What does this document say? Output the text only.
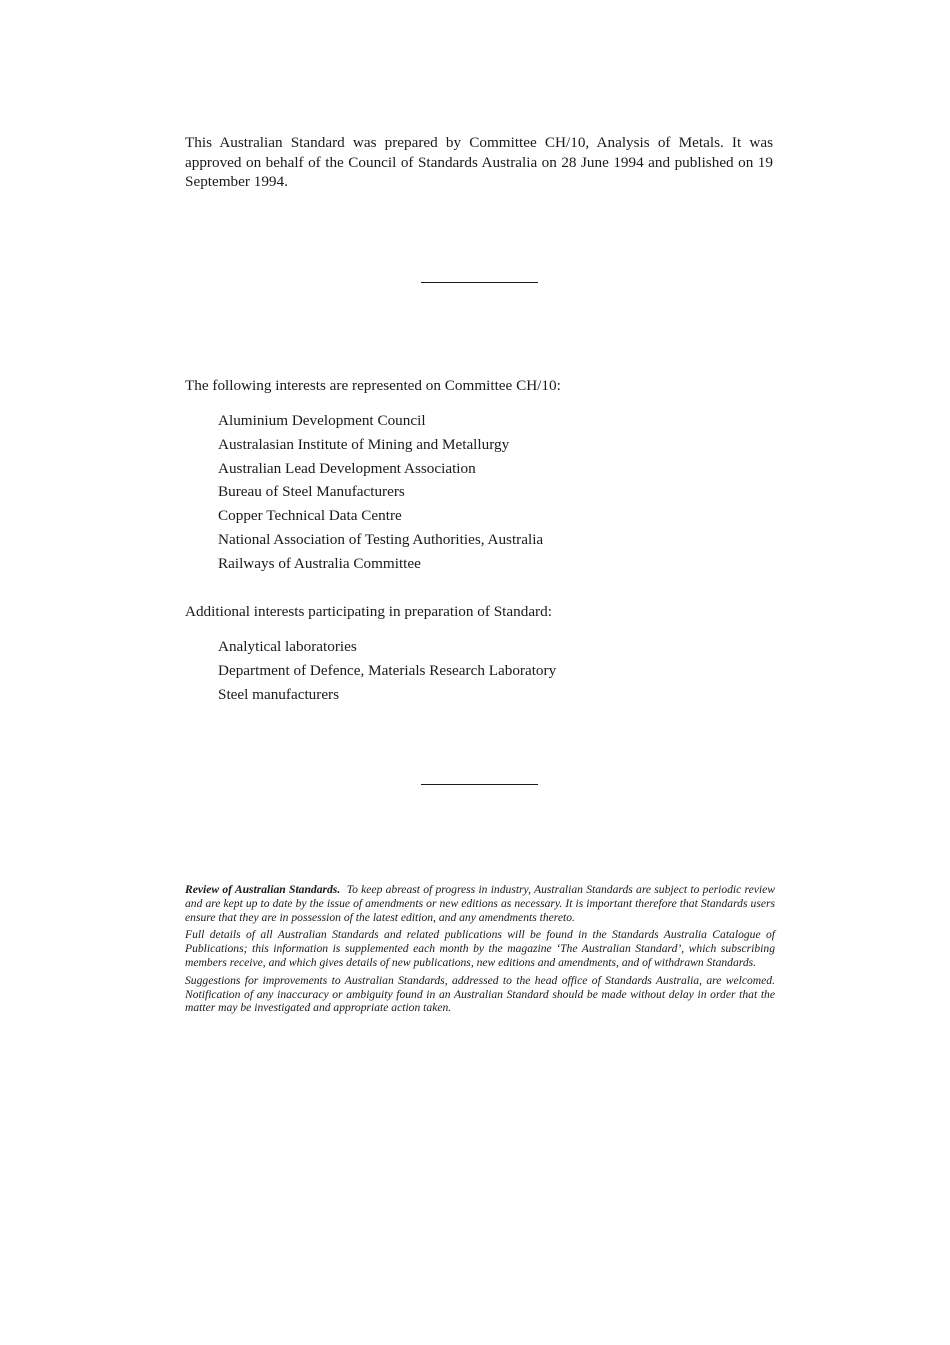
This Australian Standard was prepared by Committee CH/10, Analysis of Metals. It was approved on behalf of the Council of Standards Australia on 28 June 1994 and published on 19 September 1994.

The following interests are represented on Committee CH/10:

Aluminium Development Council
Australasian Institute of Mining and Metallurgy
Australian Lead Development Association
Bureau of Steel Manufacturers
Copper Technical Data Centre
National Association of Testing Authorities, Australia
Railways of Australia Committee

Additional interests participating in preparation of Standard:

Analytical laboratories
Department of Defence, Materials Research Laboratory
Steel manufacturers

Review of Australian Standards. To keep abreast of progress in industry, Australian Standards are subject to periodic review and are kept up to date by the issue of amendments or new editions as necessary. It is important therefore that Standards users ensure that they are in possession of the latest edition, and any amendments thereto.

Full details of all Australian Standards and related publications will be found in the Standards Australia Catalogue of Publications; this information is supplemented each month by the magazine ‘The Australian Standard’, which subscribing members receive, and which gives details of new publications, new editions and amendments, and of withdrawn Standards.

Suggestions for improvements to Australian Standards, addressed to the head office of Standards Australia, are welcomed. Notification of any inaccuracy or ambiguity found in an Australian Standard should be made without delay in order that the matter may be investigated and appropriate action taken.
